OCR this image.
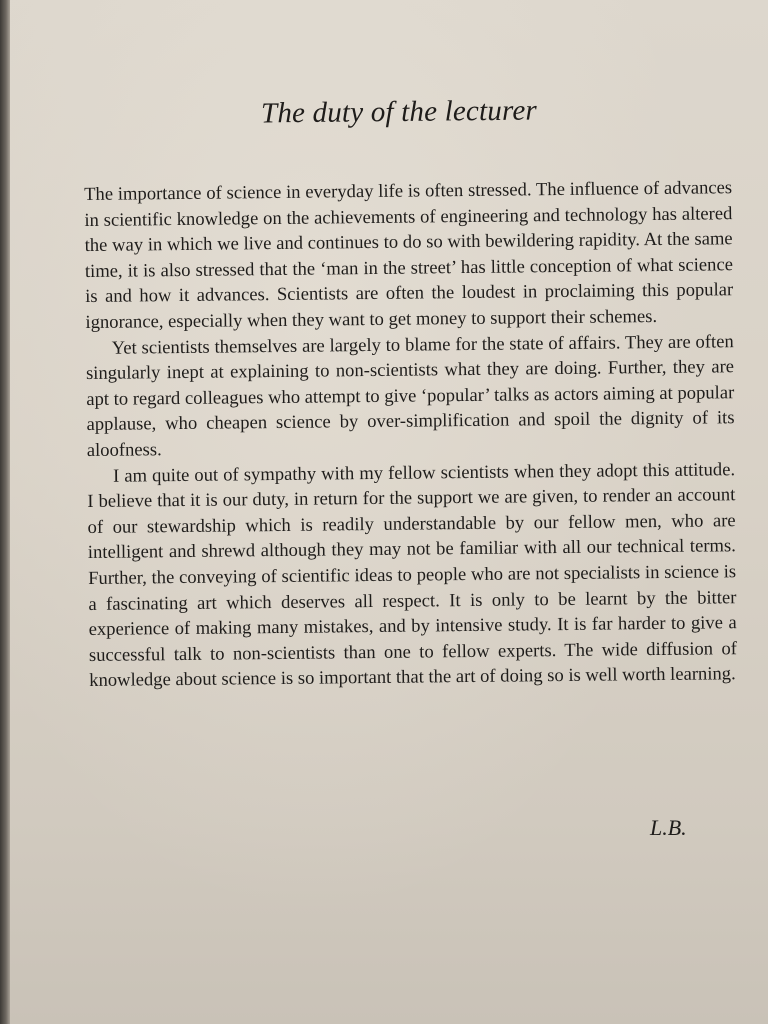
The duty of the lecturer

The importance of science in everyday life is often stressed. The influence of advances in scientific knowledge on the achievements of engineering and technology has altered the way in which we live and continues to do so with bewildering rapidity. At the same time, it is also stressed that the ‘man in the street’ has little conception of what science is and how it advances. Scientists are often the loudest in proclaiming this popular ignorance, especially when they want to get money to support their schemes.

Yet scientists themselves are largely to blame for the state of affairs. They are often singularly inept at explaining to non-scientists what they are doing. Further, they are apt to regard colleagues who attempt to give ‘popular’ talks as actors aiming at popular applause, who cheapen science by over-simplification and spoil the dignity of its aloofness.

I am quite out of sympathy with my fellow scientists when they adopt this attitude. I believe that it is our duty, in return for the support we are given, to render an account of our stewardship which is readily understandable by our fellow men, who are intelligent and shrewd although they may not be familiar with all our technical terms. Further, the conveying of scientific ideas to people who are not specialists in science is a fascinating art which deserves all respect. It is only to be learnt by the bitter experience of making many mistakes, and by intensive study. It is far harder to give a successful talk to non-scientists than one to fellow experts. The wide diffusion of knowledge about science is so important that the art of doing so is well worth learning.

L.B.
